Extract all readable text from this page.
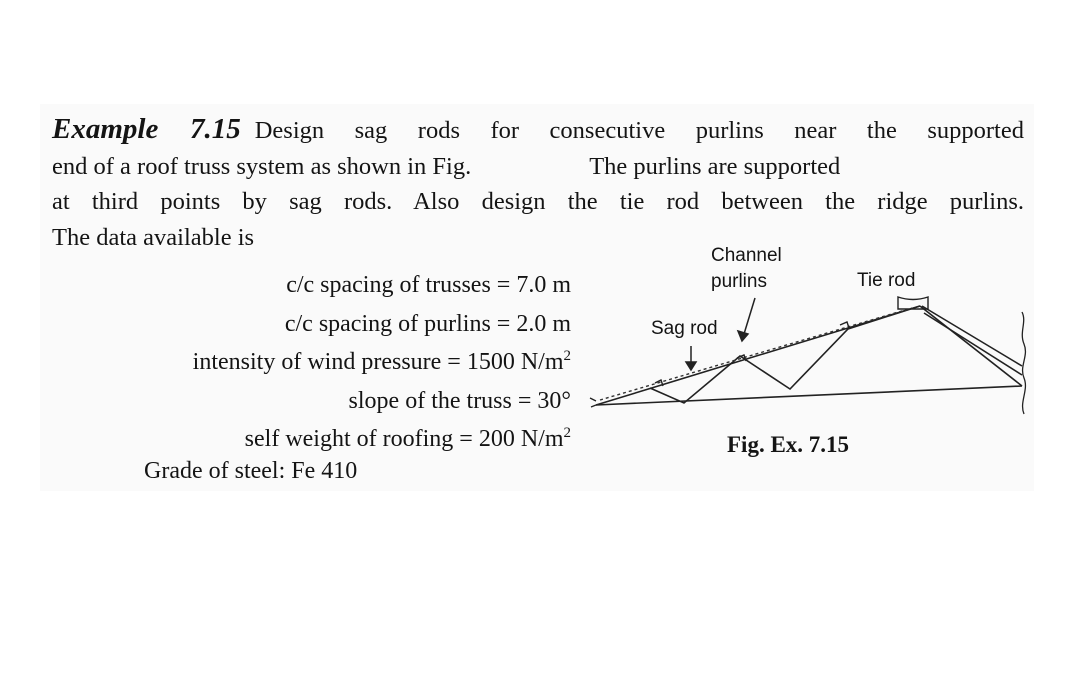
Example 7.15 Design sag rods for consecutive purlins near the supported
end of a roof truss system as shown in Fig.	The purlins are supported
at third points by sag rods. Also design the tie rod between the ridge purlins.
The data available is
c/c spacing of trusses = 7.0 m
c/c spacing of purlins = 2.0 m
intensity of wind pressure = 1500 $N/m^2$
slope of the truss = 30°
self weight of roofing = 200 $N/m^2$
Grade of steel: Fe 410
Channel
purlins	Tie rod
Sag rod
Fig. Ex. 7.15
